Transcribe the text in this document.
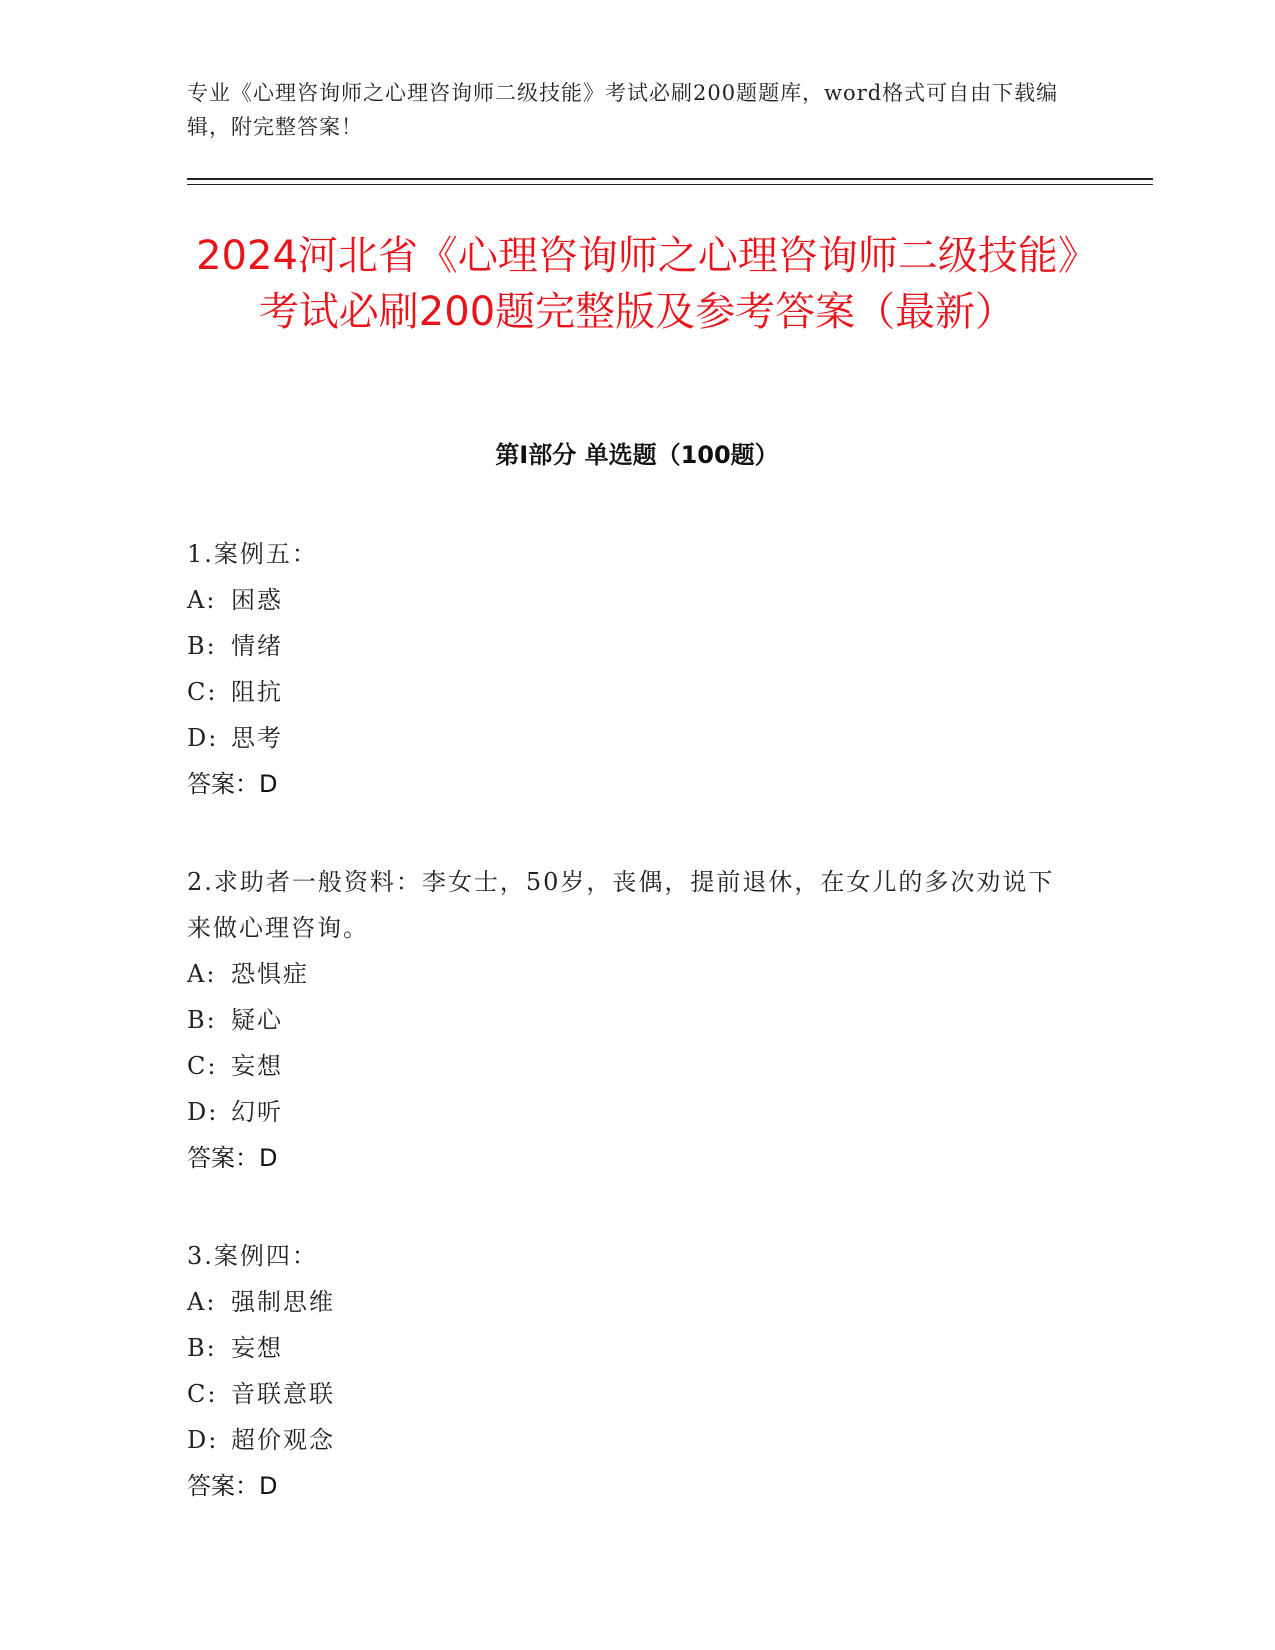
专业《心理咨询师之心理咨询师二级技能》考试必刷200题题库，word格式可自由下载编辑，附完整答案！
2024河北省《心理咨询师之心理咨询师二级技能》考试必刷200题完整版及参考答案（最新）
第I部分 单选题（100题）
1.案例五：
A: 困惑
B: 情绪
C: 阻抗
D: 思考
答案：D
2.求助者一般资料：李女士，50岁，丧偶，提前退休，在女儿的多次劝说下来做心理咨询。
A: 恐惧症
B: 疑心
C: 妄想
D: 幻听
答案：D
3.案例四：
A: 强制思维
B: 妄想
C: 音联意联
D: 超价观念
答案：D
